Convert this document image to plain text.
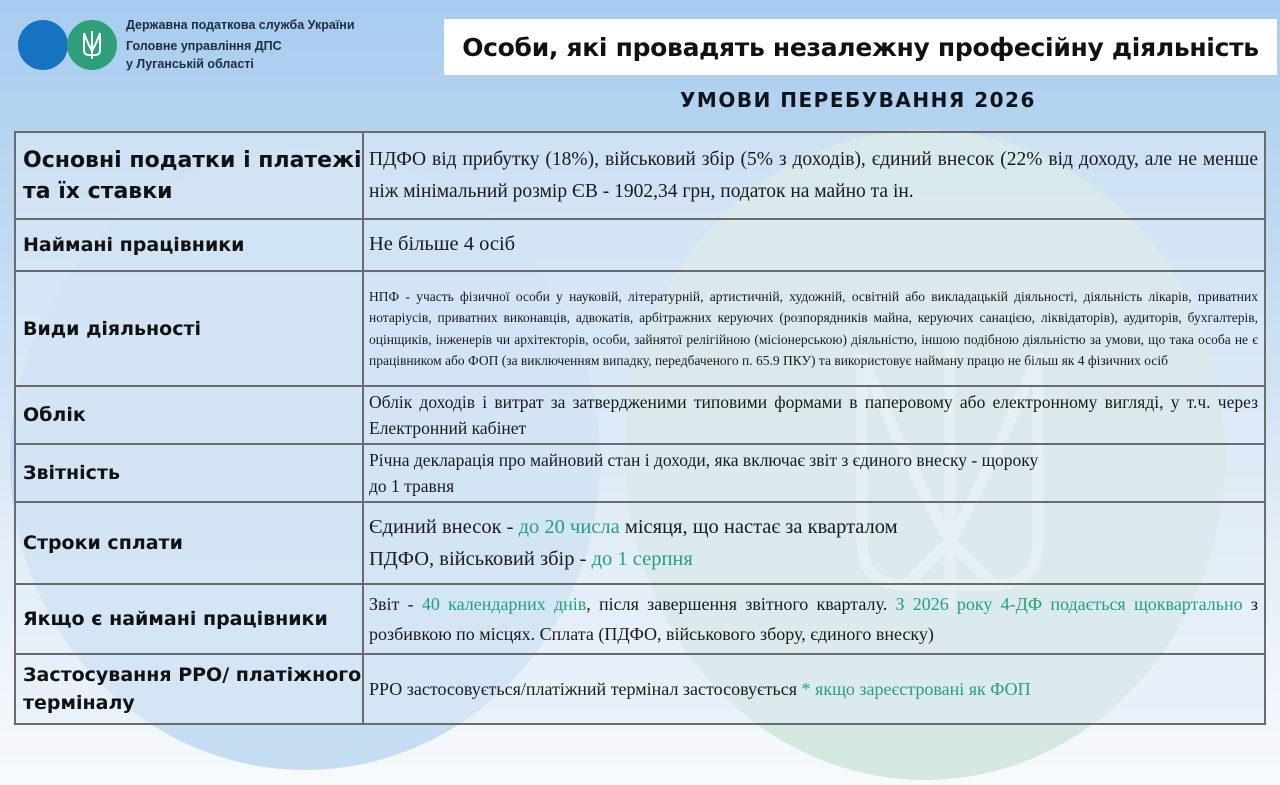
Державна податкова служба України
Головне управління ДПС
у Луганській області
Особи, які провадять незалежну професійну діяльність
УМОВИ ПЕРЕБУВАННЯ 2026
Основні податки і платежі та їх ставки	ПДФО від прибутку (18%), військовий збір (5% з доходів), єдиний внесок (22% від доходу, але не менше ніж мінімальний розмір ЄВ - 1902,34 грн, податок на майно та ін.
Наймані працівники	Не більше 4 осіб
Види діяльності	НПФ - участь фізичної особи у науковій, літературній, артистичній, художній, освітній або викладацькій діяльності, діяльність лікарів, приватних нотаріусів, приватних виконавців, адвокатів, арбітражних керуючих (розпорядників майна, керуючих санацією, ліквідаторів), аудиторів, бухгалтерів, оцінщиків, інженерів чи архітекторів, особи, зайнятої релігійною (місіонерською) діяльністю, іншою подібною діяльністю за умови, що така особа не є працівником або ФОП (за виключенням випадку, передбаченого п. 65.9 ПКУ) та використовує найману працю не більш як 4 фізичних осіб
Облік	Облік доходів і витрат за затвердженими типовими формами в паперовому або електронному вигляді, у т.ч. через Електронний кабінет
Звітність	Річна декларація про майновий стан і доходи, яка включає звіт з єдиного внеску - щороку
до 1 травня

Строки сплати	Єдиний внесок - до 20 числа місяця, що настає за кварталом
ПДФО, військовий збір - до 1 серпня

Якщо є наймані працівники	Звіт - 40 календарних днів, після завершення звітного кварталу. З 2026 року 4-ДФ подається щоквартально з розбивкою по місцях. Сплата (ПДФО, військового збору, єдиного внеску)
Застосування РРО/ платіжного терміналу	РРО застосовується/платіжний термінал застосовується * якщо зареєстровані як ФОП
